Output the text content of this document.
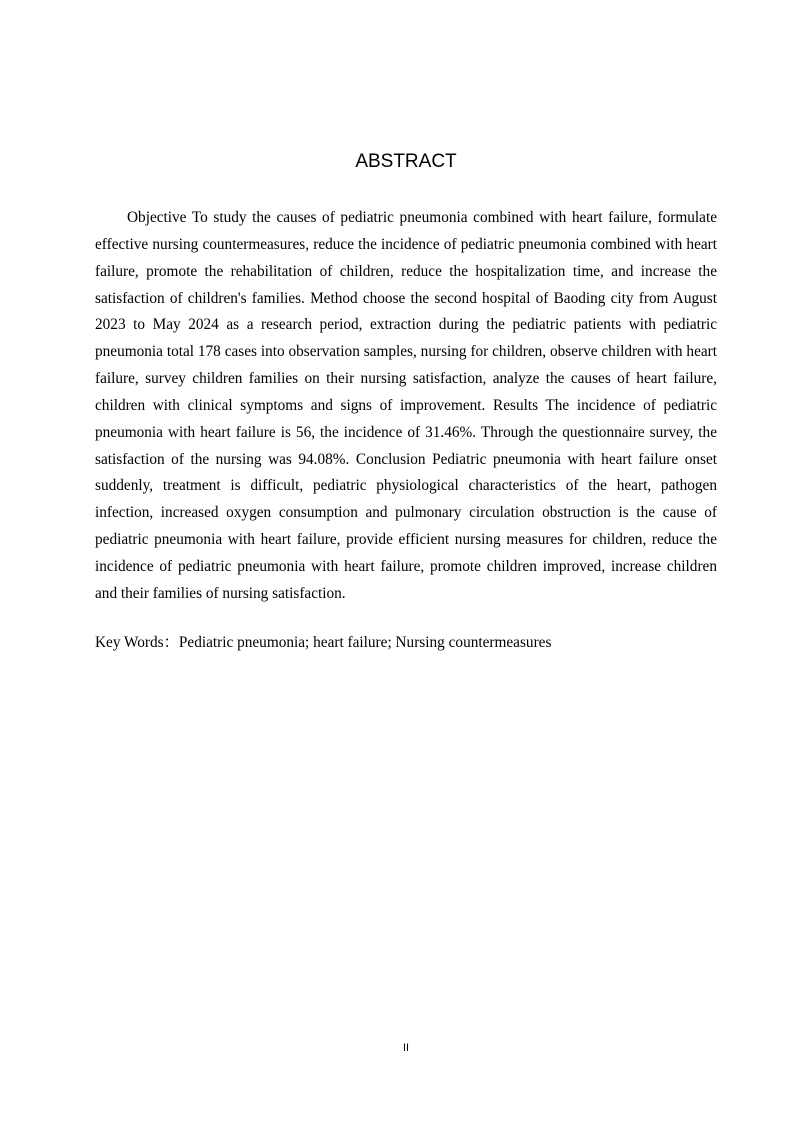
ABSTRACT

Objective To study the causes of pediatric pneumonia combined with heart failure, formulate effective nursing countermeasures, reduce the incidence of pediatric pneumonia combined with heart failure, promote the rehabilitation of children, reduce the hospitalization time, and increase the satisfaction of children's families. Method choose the second hospital of Baoding city from August 2023 to May 2024 as a research period, extraction during the pediatric patients with pediatric pneumonia total 178 cases into observation samples, nursing for children, observe children with heart failure, survey children families on their nursing satisfaction, analyze the causes of heart failure, children with clinical symptoms and signs of improvement. Results The incidence of pediatric pneumonia with heart failure is 56, the incidence of 31.46%. Through the questionnaire survey, the satisfaction of the nursing was 94.08%. Conclusion Pediatric pneumonia with heart failure onset suddenly, treatment is difficult, pediatric physiological characteristics of the heart, pathogen infection, increased oxygen consumption and pulmonary circulation obstruction is the cause of pediatric pneumonia with heart failure, provide efficient nursing measures for children, reduce the incidence of pediatric pneumonia with heart failure, promote children improved, increase children and their families of nursing satisfaction.

Key Words：Pediatric pneumonia; heart failure; Nursing countermeasures
II
